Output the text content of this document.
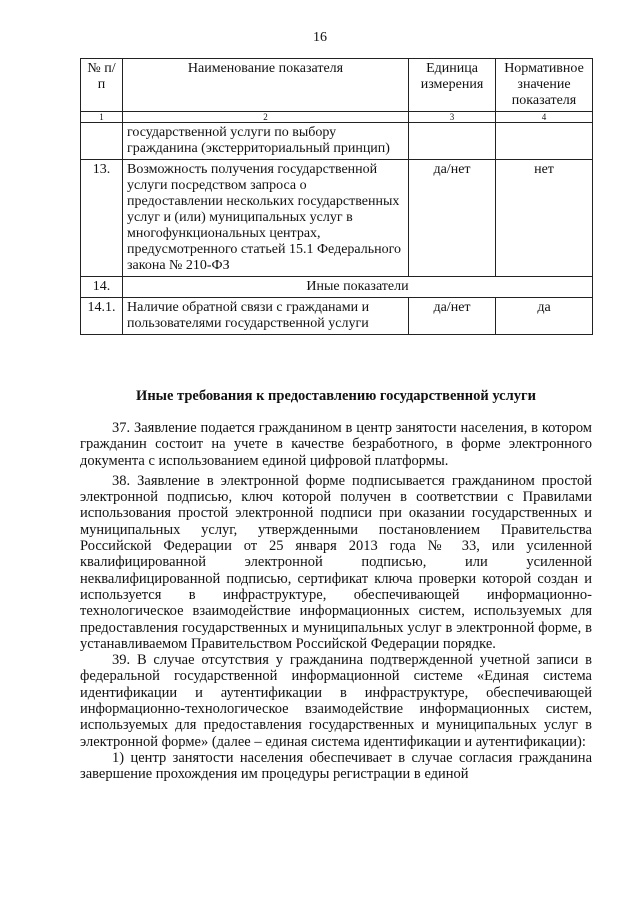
16
№ п/п	Наименование показателя	Единица измерения	Нормативное значение показателя
1	2	3	4
	государственной услуги по выбору гражданина (экстерриториальный принцип)		
13.	Возможность получения государственной услуги посредством запроса о предоставлении нескольких государственных услуг и (или) муниципальных услуг в многофункциональных центрах, предусмотренного статьей 15.1 Федерального закона № 210-ФЗ	да/нет	нет
14.	Иные показатели		
14.1.	Наличие обратной связи с гражданами и пользователями государственной услуги	да/нет	да
Иные требования к предоставлению государственной услуги

37. Заявление подается гражданином в центр занятости населения, в котором гражданин состоит на учете в качестве безработного, в форме электронного документа с использованием единой цифровой платформы.

38. Заявление в электронной форме подписывается гражданином простой электронной подписью, ключ которой получен в соответствии с Правилами использования простой электронной подписи при оказании государственных и муниципальных услуг, утвержденными постановлением Правительства Российской Федерации от 25 января 2013 года № 33, или усиленной квалифицированной электронной подписью, или усиленной неквалифицированной подписью, сертификат ключа проверки которой создан и используется в инфраструктуре, обеспечивающей информационно-технологическое взаимодействие информационных систем, используемых для предоставления государственных и муниципальных услуг в электронной форме, в устанавливаемом Правительством Российской Федерации порядке.

39. В случае отсутствия у гражданина подтвержденной учетной записи в федеральной государственной информационной системе «Единая система идентификации и аутентификации в инфраструктуре, обеспечивающей информационно-технологическое взаимодействие информационных систем, используемых для предоставления государственных и муниципальных услуг в электронной форме» (далее – единая система идентификации и аутентификации):

1) центр занятости населения обеспечивает в случае согласия гражданина завершение прохождения им процедуры регистрации в единой
